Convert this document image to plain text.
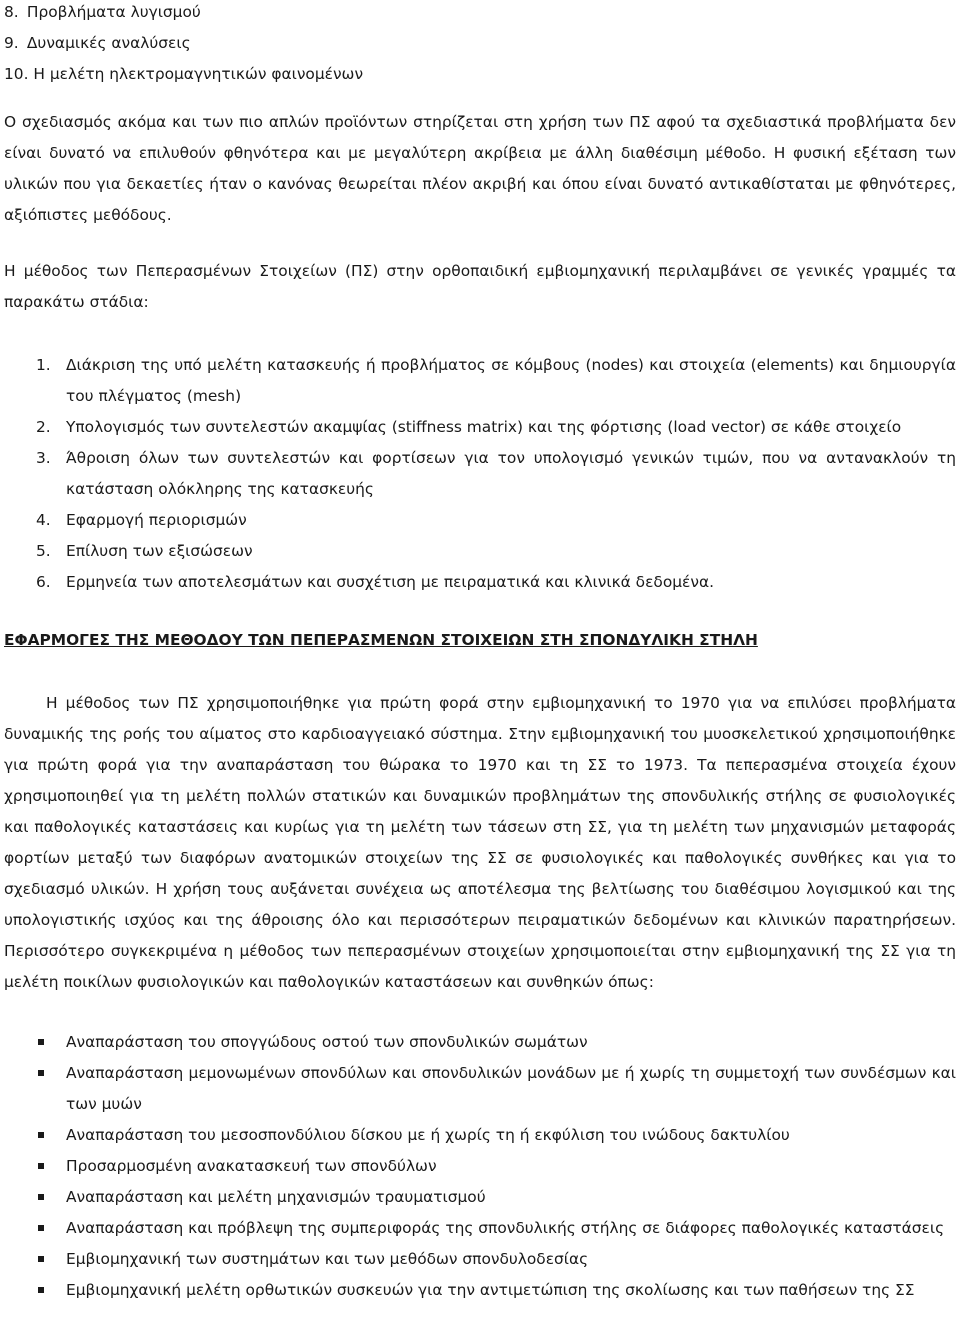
8. Προβλήματα λυγισμού
9. Δυναμικές αναλύσεις
10. Η μελέτη ηλεκτρομαγνητικών φαινομένων
Ο σχεδιασμός ακόμα και των πιο απλών προϊόντων στηρίζεται στη χρήση των ΠΣ αφού τα σχεδιαστικά προβλήματα δεν είναι δυνατό να επιλυθούν φθηνότερα και με μεγαλύτερη ακρίβεια με άλλη διαθέσιμη μέθοδο. Η φυσική εξέταση των υλικών που για δεκαετίες ήταν ο κανόνας θεωρείται πλέον ακριβή και όπου είναι δυνατό αντικαθίσταται με φθηνότερες, αξιόπιστες μεθόδους.
Η μέθοδος των Πεπερασμένων Στοιχείων (ΠΣ) στην ορθοπαιδική εμβιομηχανική περιλαμβάνει σε γενικές γραμμές τα παρακάτω στάδια:
1. Διάκριση της υπό μελέτη κατασκευής ή προβλήματος σε κόμβους (nodes) και στοιχεία (elements) και δημιουργία του πλέγματος (mesh)
2. Υπολογισμός των συντελεστών ακαμψίας (stiffness matrix) και της φόρτισης (load vector) σε κάθε στοιχείο
3. Άθροιση όλων των συντελεστών και φορτίσεων για τον υπολογισμό γενικών τιμών, που να αντανακλούν τη κατάσταση ολόκληρης της κατασκευής
4. Εφαρμογή περιορισμών
5. Επίλυση των εξισώσεων
6. Ερμηνεία των αποτελεσμάτων και συσχέτιση με πειραματικά και κλινικά δεδομένα.
ΕΦΑΡΜΟΓΕΣ ΤΗΣ ΜΕΘΟΔΟΥ ΤΩΝ ΠΕΠΕΡΑΣΜΕΝΩΝ ΣΤΟΙΧΕΙΩΝ ΣΤΗ ΣΠΟΝΔΥΛΙΚΗ ΣΤΗΛΗ
Η μέθοδος των ΠΣ χρησιμοποιήθηκε για πρώτη φορά στην εμβιομηχανική το 1970 για να επιλύσει προβλήματα δυναμικής της ροής του αίματος στο καρδιοαγγειακό σύστημα. Στην εμβιομηχανική του μυοσκελετικού χρησιμοποιήθηκε για πρώτη φορά για την αναπαράσταση του θώρακα το 1970 και τη ΣΣ το 1973. Τα πεπερασμένα στοιχεία έχουν χρησιμοποιηθεί για τη μελέτη πολλών στατικών και δυναμικών προβλημάτων της σπονδυλικής στήλης σε φυσιολογικές και παθολογικές καταστάσεις και κυρίως για τη μελέτη των τάσεων στη ΣΣ, για τη μελέτη των μηχανισμών μεταφοράς φορτίων μεταξύ των διαφόρων ανατομικών στοιχείων της ΣΣ σε φυσιολογικές και παθολογικές συνθήκες και για το σχεδιασμό υλικών. Η χρήση τους αυξάνεται συνέχεια ως αποτέλεσμα της βελτίωσης του διαθέσιμου λογισμικού και της υπολογιστικής ισχύος και της άθροισης όλο και περισσότερων πειραματικών δεδομένων και κλινικών παρατηρήσεων. Περισσότερο συγκεκριμένα η μέθοδος των πεπερασμένων στοιχείων χρησιμοποιείται στην εμβιομηχανική της ΣΣ για τη μελέτη ποικίλων φυσιολογικών και παθολογικών καταστάσεων και συνθηκών όπως:
Αναπαράσταση του σπογγώδους οστού των σπονδυλικών σωμάτων
Αναπαράσταση μεμονωμένων σπονδύλων και σπονδυλικών μονάδων με ή χωρίς τη συμμετοχή των συνδέσμων και των μυών
Αναπαράσταση του μεσοσπονδύλιου δίσκου με ή χωρίς τη ή εκφύλιση του ινώδους δακτυλίου
Προσαρμοσμένη ανακατασκευή των σπονδύλων
Αναπαράσταση και μελέτη μηχανισμών τραυματισμού
Αναπαράσταση και πρόβλεψη της συμπεριφοράς της σπονδυλικής στήλης σε διάφορες παθολογικές καταστάσεις
Εμβιομηχανική των συστημάτων και των μεθόδων σπονδυλοδεσίας
Εμβιομηχανική μελέτη ορθωτικών συσκευών για την αντιμετώπιση της σκολίωσης και των παθήσεων της ΣΣ
